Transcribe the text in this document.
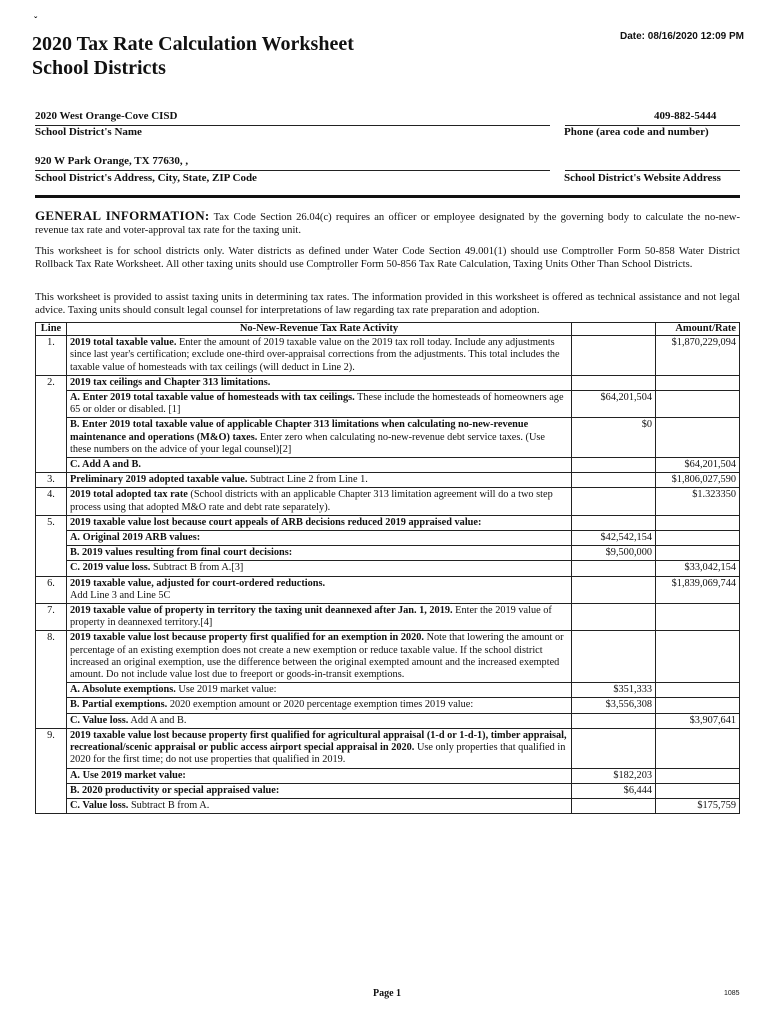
ˇ
2020 Tax Rate Calculation Worksheet
School Districts
Date: 08/16/2020 12:09 PM
2020 West Orange-Cove CISD	409-882-5444
School District's Name	Phone (area code and number)
920 W Park Orange, TX 77630, ,
School District's Address, City, State, ZIP Code	School District's Website Address
GENERAL INFORMATION: Tax Code Section 26.04(c) requires an officer or employee designated by the governing body to calculate the no-new-revenue tax rate and voter-approval tax rate for the taxing unit.
This worksheet is for school districts only. Water districts as defined under Water Code Section 49.001(1) should use Comptroller Form 50-858 Water District Rollback Tax Rate Worksheet. All other taxing units should use Comptroller Form 50-856 Tax Rate Calculation, Taxing Units Other Than School Districts.
This worksheet is provided to assist taxing units in determining tax rates. The information provided in this worksheet is offered as technical assistance and not legal advice. Taxing units should consult legal counsel for interpretations of law regarding tax rate preparation and adoption.
Line	No-New-Revenue Tax Rate Activity		Amount/Rate
1.	2019 total taxable value. Enter the amount of 2019 taxable value on the 2019 tax roll today. Include any adjustments since last year's certification; exclude one-third over-appraisal corrections from the adjustments. This total includes the taxable value of homesteads with tax ceilings (will deduct in Line 2).		$1,870,229,094
2.	2019 tax ceilings and Chapter 313 limitations.		
	A. Enter 2019 total taxable value of homesteads with tax ceilings. These include the homesteads of homeowners age 65 or older or disabled. [1]	$64,201,504	
	B. Enter 2019 total taxable value of applicable Chapter 313 limitations when calculating no-new-revenue maintenance and operations (M&O) taxes. Enter zero when calculating no-new-revenue debt service taxes. (Use these numbers on the advice of your legal counsel)[2]	$0	
	C. Add A and B.		$64,201,504
3.	Preliminary 2019 adopted taxable value. Subtract Line 2 from Line 1.		$1,806,027,590
4.	2019 total adopted tax rate (School districts with an applicable Chapter 313 limitation agreement will do a two step process using that adopted M&O rate and debt rate separately).		$1.323350
5.	2019 taxable value lost because court appeals of ARB decisions reduced 2019 appraised value:		
	A. Original 2019 ARB values:	$42,542,154	
	B. 2019 values resulting from final court decisions:	$9,500,000	
	C. 2019 value loss. Subtract B from A.[3]		$33,042,154
6.	2019 taxable value, adjusted for court-ordered reductions.
Add Line 3 and Line 5C		$1,839,069,744
7.	2019 taxable value of property in territory the taxing unit deannexed after Jan. 1, 2019. Enter the 2019 value of property in deannexed territory.[4]		
8.	2019 taxable value lost because property first qualified for an exemption in 2020. Note that lowering the amount or percentage of an existing exemption does not create a new exemption or reduce taxable value. If the school district increased an original exemption, use the difference between the original exempted amount and the increased exempted amount. Do not include value lost due to freeport or goods-in-transit exemptions.		
	A. Absolute exemptions. Use 2019 market value:	$351,333	
	B. Partial exemptions. 2020 exemption amount or 2020 percentage exemption times 2019 value:	$3,556,308	
	C. Value loss. Add A and B.		$3,907,641
9.	2019 taxable value lost because property first qualified for agricultural appraisal (1-d or 1-d-1), timber appraisal, recreational/scenic appraisal or public access airport special appraisal in 2020. Use only properties that qualified in 2020 for the first time; do not use properties that qualified in 2019.		
	A. Use 2019 market value:	$182,203	
	B. 2020 productivity or special appraised value:	$6,444	
	C. Value loss. Subtract B from A.		$175,759
Page 1	1085
